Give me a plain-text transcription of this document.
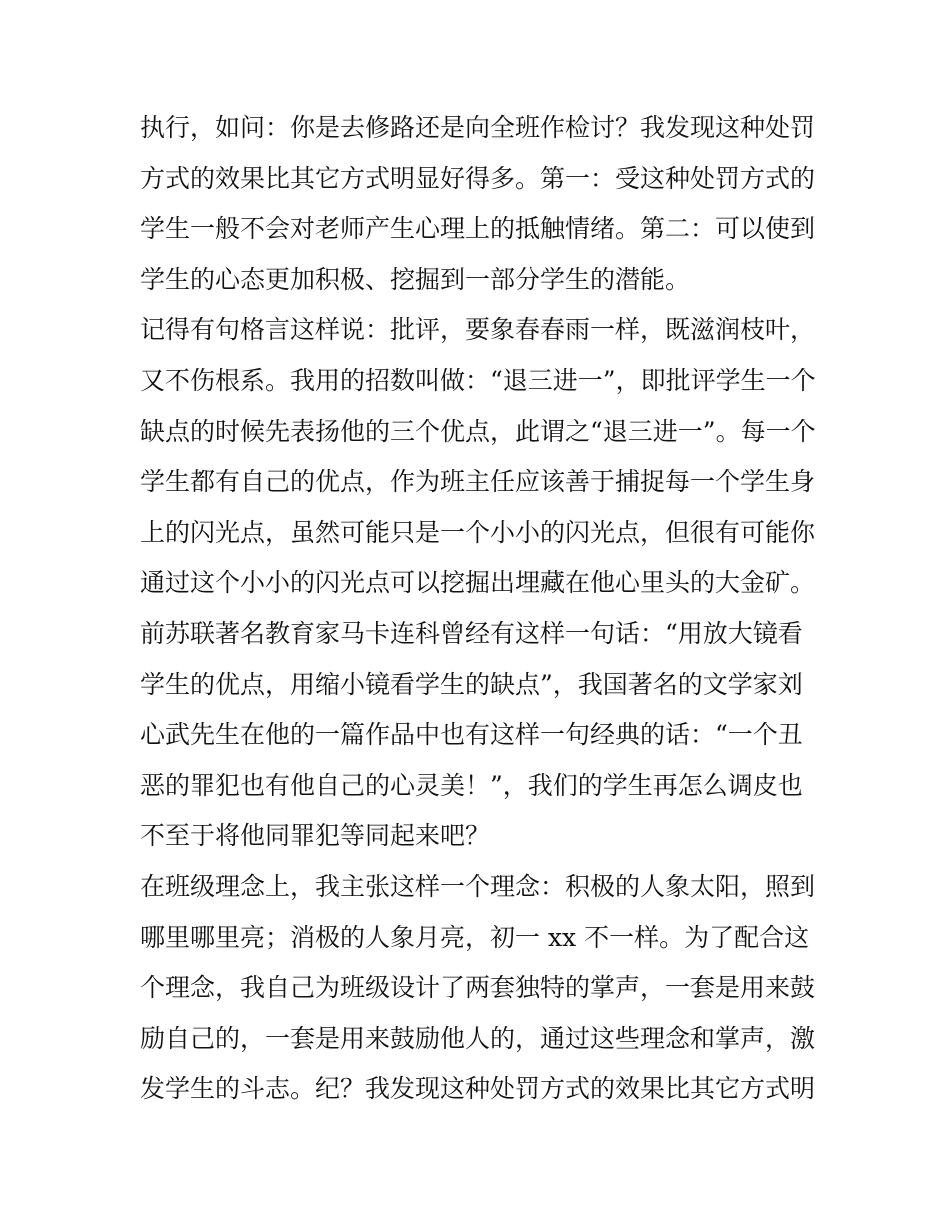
执行，如问：你是去修路还是向全班作检讨？我发现这种处罚
方式的效果比其它方式明显好得多。第一：受这种处罚方式的
学生一般不会对老师产生心理上的抵触情绪。第二：可以使到
学生的心态更加积极、挖掘到一部分学生的潜能。
记得有句格言这样说：批评，要象春春雨一样，既滋润枝叶，
又不伤根系。我用的招数叫做：“退三进一”，即批评学生一个
缺点的时候先表扬他的三个优点，此谓之“退三进一”。每一个
学生都有自己的优点，作为班主任应该善于捕捉每一个学生身
上的闪光点，虽然可能只是一个小小的闪光点，但很有可能你
通过这个小小的闪光点可以挖掘出埋藏在他心里头的大金矿。
前苏联著名教育家马卡连科曾经有这样一句话：“用放大镜看
学生的优点，用缩小镜看学生的缺点”，我国著名的文学家刘
心武先生在他的一篇作品中也有这样一句经典的话：“一个丑
恶的罪犯也有他自己的心灵美！”，我们的学生再怎么调皮也
不至于将他同罪犯等同起来吧？
在班级理念上，我主张这样一个理念：积极的人象太阳，照到
哪里哪里亮；消极的人象月亮，初一 xx 不一样。为了配合这
个理念，我自己为班级设计了两套独特的掌声，一套是用来鼓
励自己的，一套是用来鼓励他人的，通过这些理念和掌声，激
发学生的斗志。纪？我发现这种处罚方式的效果比其它方式明
